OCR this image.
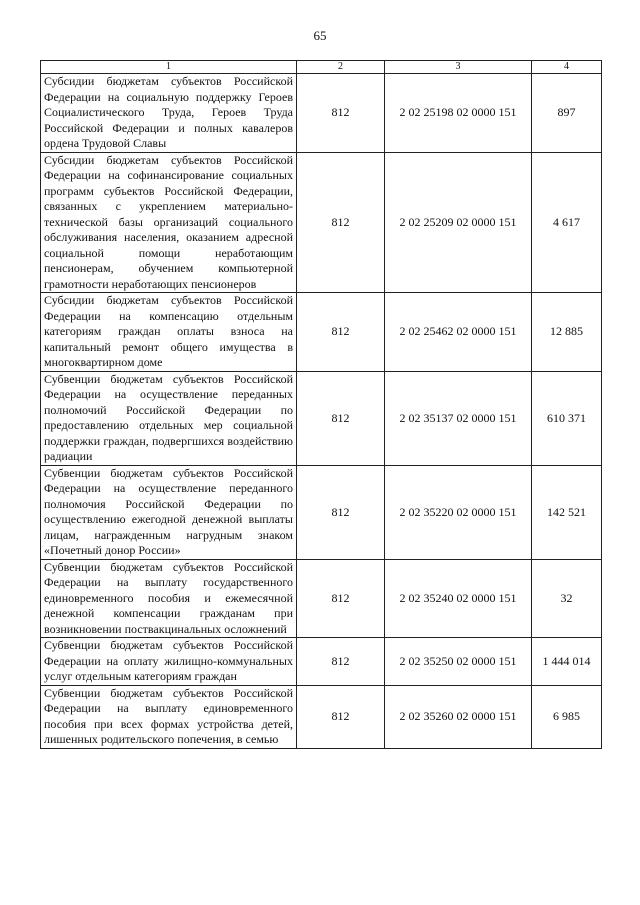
65
1	2	3	4
Субсидии бюджетам субъектов Российской Федерации на социальную поддержку Героев Социалистического Труда, Героев Труда Российской Федерации и полных кавалеров ордена Трудовой Славы	812	2 02 25198 02 0000 151	897
Субсидии бюджетам субъектов Российской Федерации на софинансирование социальных программ субъектов Российской Федерации, связанных с укреплением материально-технической базы организаций социального обслуживания населения, оказанием адресной социальной помощи неработающим пенсионерам, обучением компьютерной грамотности неработающих пенсионеров	812	2 02 25209 02 0000 151	4 617
Субсидии бюджетам субъектов Российской Федерации на компенсацию отдельным категориям граждан оплаты взноса на капитальный ремонт общего имущества в многоквартирном доме	812	2 02 25462 02 0000 151	12 885
Субвенции бюджетам субъектов Российской Федерации на осуществление переданных полномочий Российской Федерации по предоставлению отдельных мер социальной поддержки граждан, подвергшихся воздействию радиации	812	2 02 35137 02 0000 151	610 371
Субвенции бюджетам субъектов Российской Федерации на осуществление переданного полномочия Российской Федерации по осуществлению ежегодной денежной выплаты лицам, награжденным нагрудным знаком «Почетный донор России»	812	2 02 35220 02 0000 151	142 521
Субвенции бюджетам субъектов Российской Федерации на выплату государственного единовременного пособия и ежемесячной денежной компенсации гражданам при возникновении поствакцинальных осложнений	812	2 02 35240 02 0000 151	32
Субвенции бюджетам субъектов Российской Федерации на оплату жилищно-коммунальных услуг отдельным категориям граждан	812	2 02 35250 02 0000 151	1 444 014
Субвенции бюджетам субъектов Российской Федерации на выплату единовременного пособия при всех формах устройства детей, лишенных родительского попечения, в семью	812	2 02 35260 02 0000 151	6 985
